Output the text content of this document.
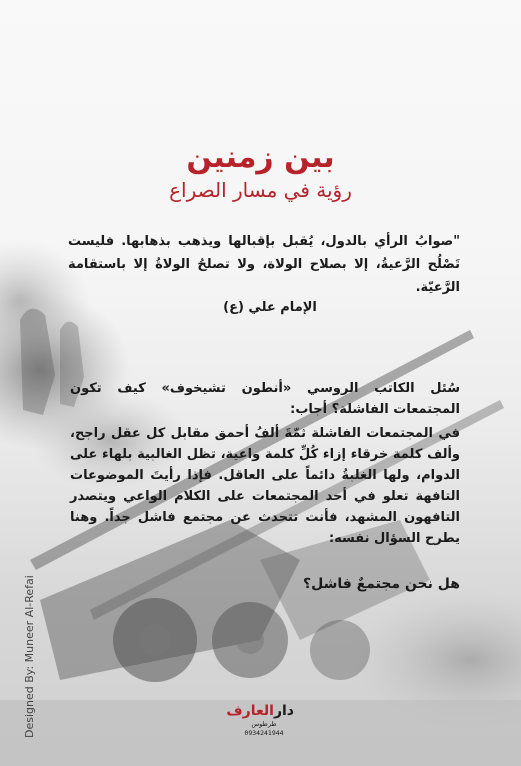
بين زمنين
رؤية في مسار الصراع
"صوابُ الرأي بالدول، يُقبل بإقبالها ويذهب بذهابها. فليست تَصْلُح الرَّعيةُ، إلا بصلاح الولاة، ولا تصلحُ الولاةُ إلا باستقامة الرَّعيّة.
الإمام علي (ع)

سُئل الكاتب الروسي «أنطون تشيخوف» كيف تكون المجتمعات الفاشلة؟ أجاب:

في المجتمعات الفاشلة ثمّةَ ألفُ أحمق مقابل كل عقل راجح، وألف كلمة خرقاء إزاء كُلِّ كلمة واعية، تظل الغالبية بلهاء على الدوام، ولها الغلبةُ دائماً على العاقل. فإذا رأيتَ الموضوعات التافهة تعلو في أحد المجتمعات على الكلام الواعي ويتصدر التافهون المشهد، فأنت تتحدث عن مجتمع فاشل جداً. وهنا يطرح السؤال نفسه:

هل نحن مجتمعٌ فاشل؟
Designed By: Muneer Al-Refai	دارالعارف
طرطوس
0934241944
